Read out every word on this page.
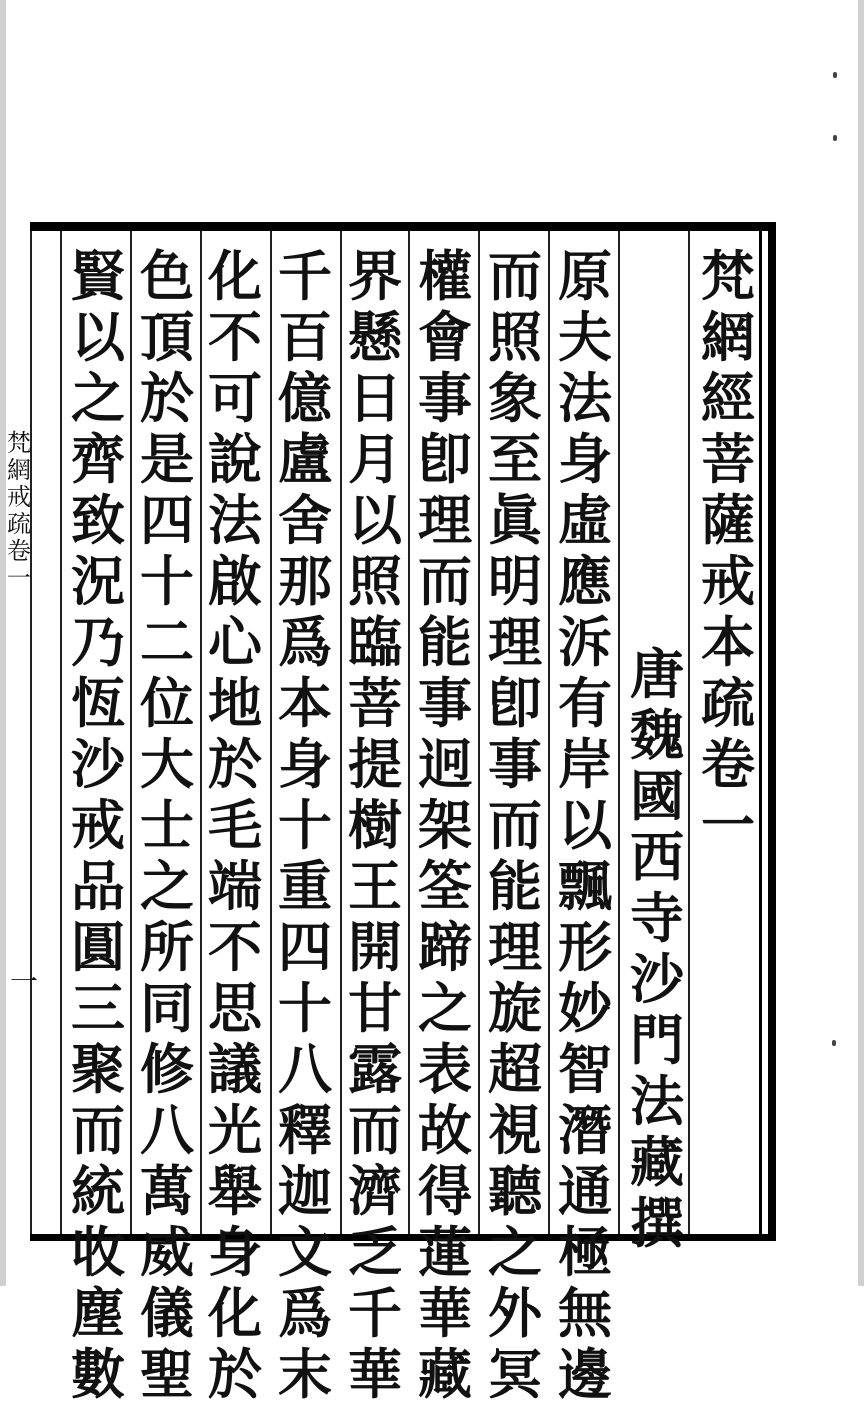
梵
網
經
菩
薩
戒
本
疏
卷
一
唐
魏
國
西
寺
沙
門
法
藏
撰
原
夫
法
身
虛
應
泝
有
岸
以
飄
形
妙
智
潛
通
極
無
邊
而
照
象
至
眞
明
理
卽
事
而
能
理
旋
超
視
聽
之
外
冥
權
會
事
卽
理
而
能
事
迥
架
筌
蹄
之
表
故
得
蓮
華
藏
界
懸
日
月
以
照
臨
菩
提
樹
王
開
甘
露
而
濟
乏
千
華
千
百
億
盧
舍
那
爲
本
身
十
重
四
十
八
釋
迦
文
爲
末
化
不
可
說
法
啟
心
地
於
毛
端
不
思
議
光
舉
身
化
於
色
頂
於
是
四
十
二
位
大
士
之
所
同
修
八
萬
威
儀
聖
賢
以
之
齊
致
況
乃
恆
沙
戒
品
圓
三
聚
而
統
收
塵
數
梵
網
戒
疏
卷
一
一
